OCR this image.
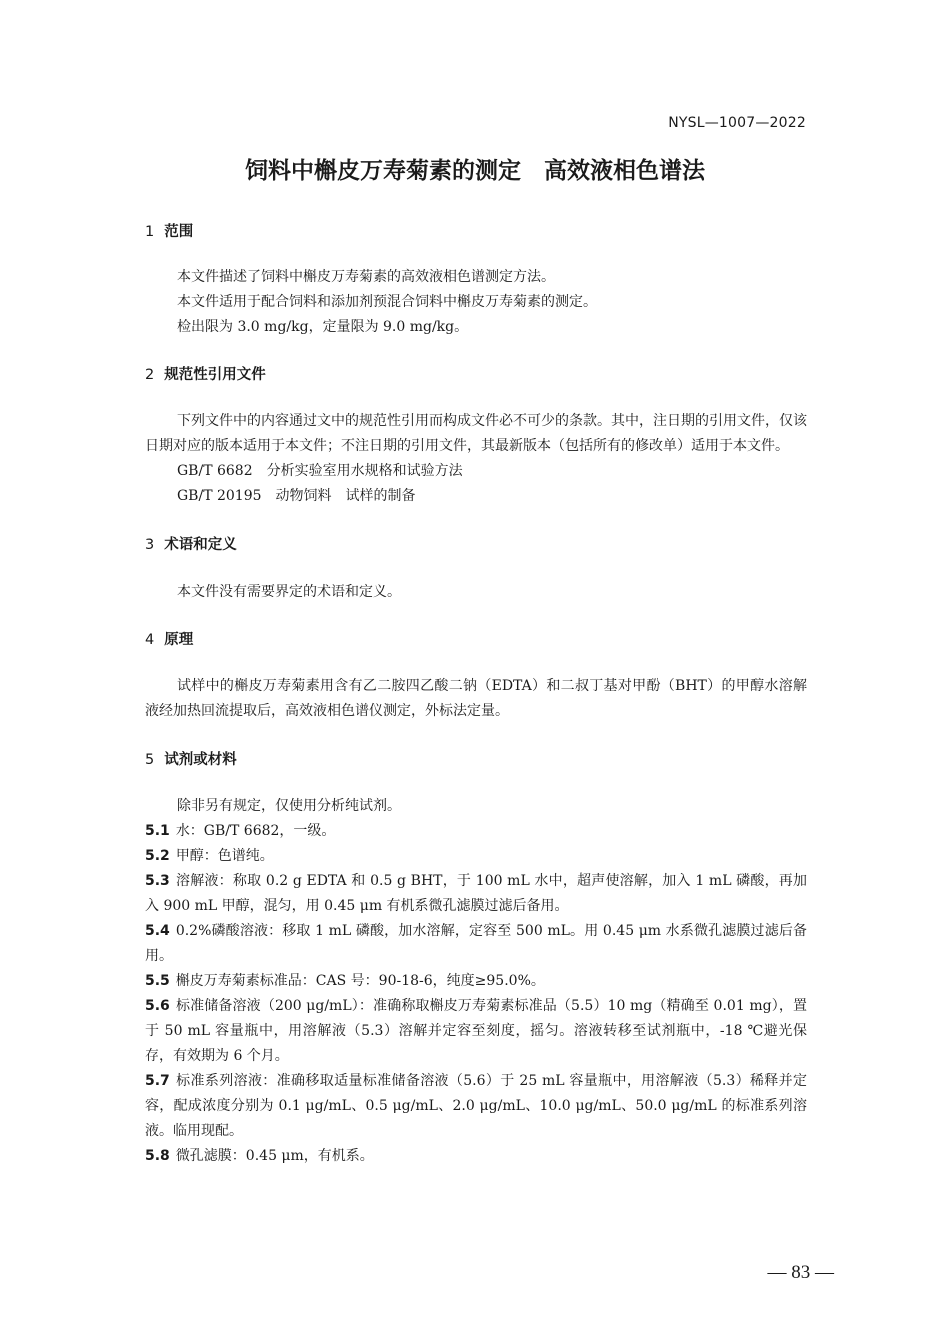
NYSL—1007—2022
饲料中槲皮万寿菊素的测定　高效液相色谱法
1 范围

本文件描述了饲料中槲皮万寿菊素的高效液相色谱测定方法。

本文件适用于配合饲料和添加剂预混合饲料中槲皮万寿菊素的测定。

检出限为 3.0 mg/kg，定量限为 9.0 mg/kg。

2 规范性引用文件

下列文件中的内容通过文中的规范性引用而构成文件必不可少的条款。其中，注日期的引用文件，仅该日期对应的版本适用于本文件；不注日期的引用文件，其最新版本（包括所有的修改单）适用于本文件。

GB/T 6682　分析实验室用水规格和试验方法

GB/T 20195　动物饲料　试样的制备

3 术语和定义

本文件没有需要界定的术语和定义。

4 原理

试样中的槲皮万寿菊素用含有乙二胺四乙酸二钠（EDTA）和二叔丁基对甲酚（BHT）的甲醇水溶解液经加热回流提取后，高效液相色谱仪测定，外标法定量。

5 试剂或材料

除非另有规定，仅使用分析纯试剂。

5.1 水：GB/T 6682，一级。

5.2 甲醇：色谱纯。

5.3 溶解液：称取 0.2 g EDTA 和 0.5 g BHT，于 100 mL 水中，超声使溶解，加入 1 mL 磷酸，再加入 900 mL 甲醇，混匀，用 0.45 μm 有机系微孔滤膜过滤后备用。

5.4 0.2%磷酸溶液：移取 1 mL 磷酸，加水溶解，定容至 500 mL。用 0.45 μm 水系微孔滤膜过滤后备用。

5.5 槲皮万寿菊素标准品：CAS 号：90-18-6，纯度≥95.0%。

5.6 标准储备溶液（200 μg/mL）：准确称取槲皮万寿菊素标准品（5.5）10 mg（精确至 0.01 mg），置于 50 mL 容量瓶中，用溶解液（5.3）溶解并定容至刻度，摇匀。溶液转移至试剂瓶中，-18 ℃避光保存，有效期为 6 个月。

5.7 标准系列溶液：准确移取适量标准储备溶液（5.6）于 25 mL 容量瓶中，用溶解液（5.3）稀释并定容，配成浓度分别为 0.1 μg/mL、0.5 μg/mL、2.0 μg/mL、10.0 μg/mL、50.0 μg/mL 的标准系列溶液。临用现配。

5.8 微孔滤膜：0.45 μm，有机系。

— 83 —
